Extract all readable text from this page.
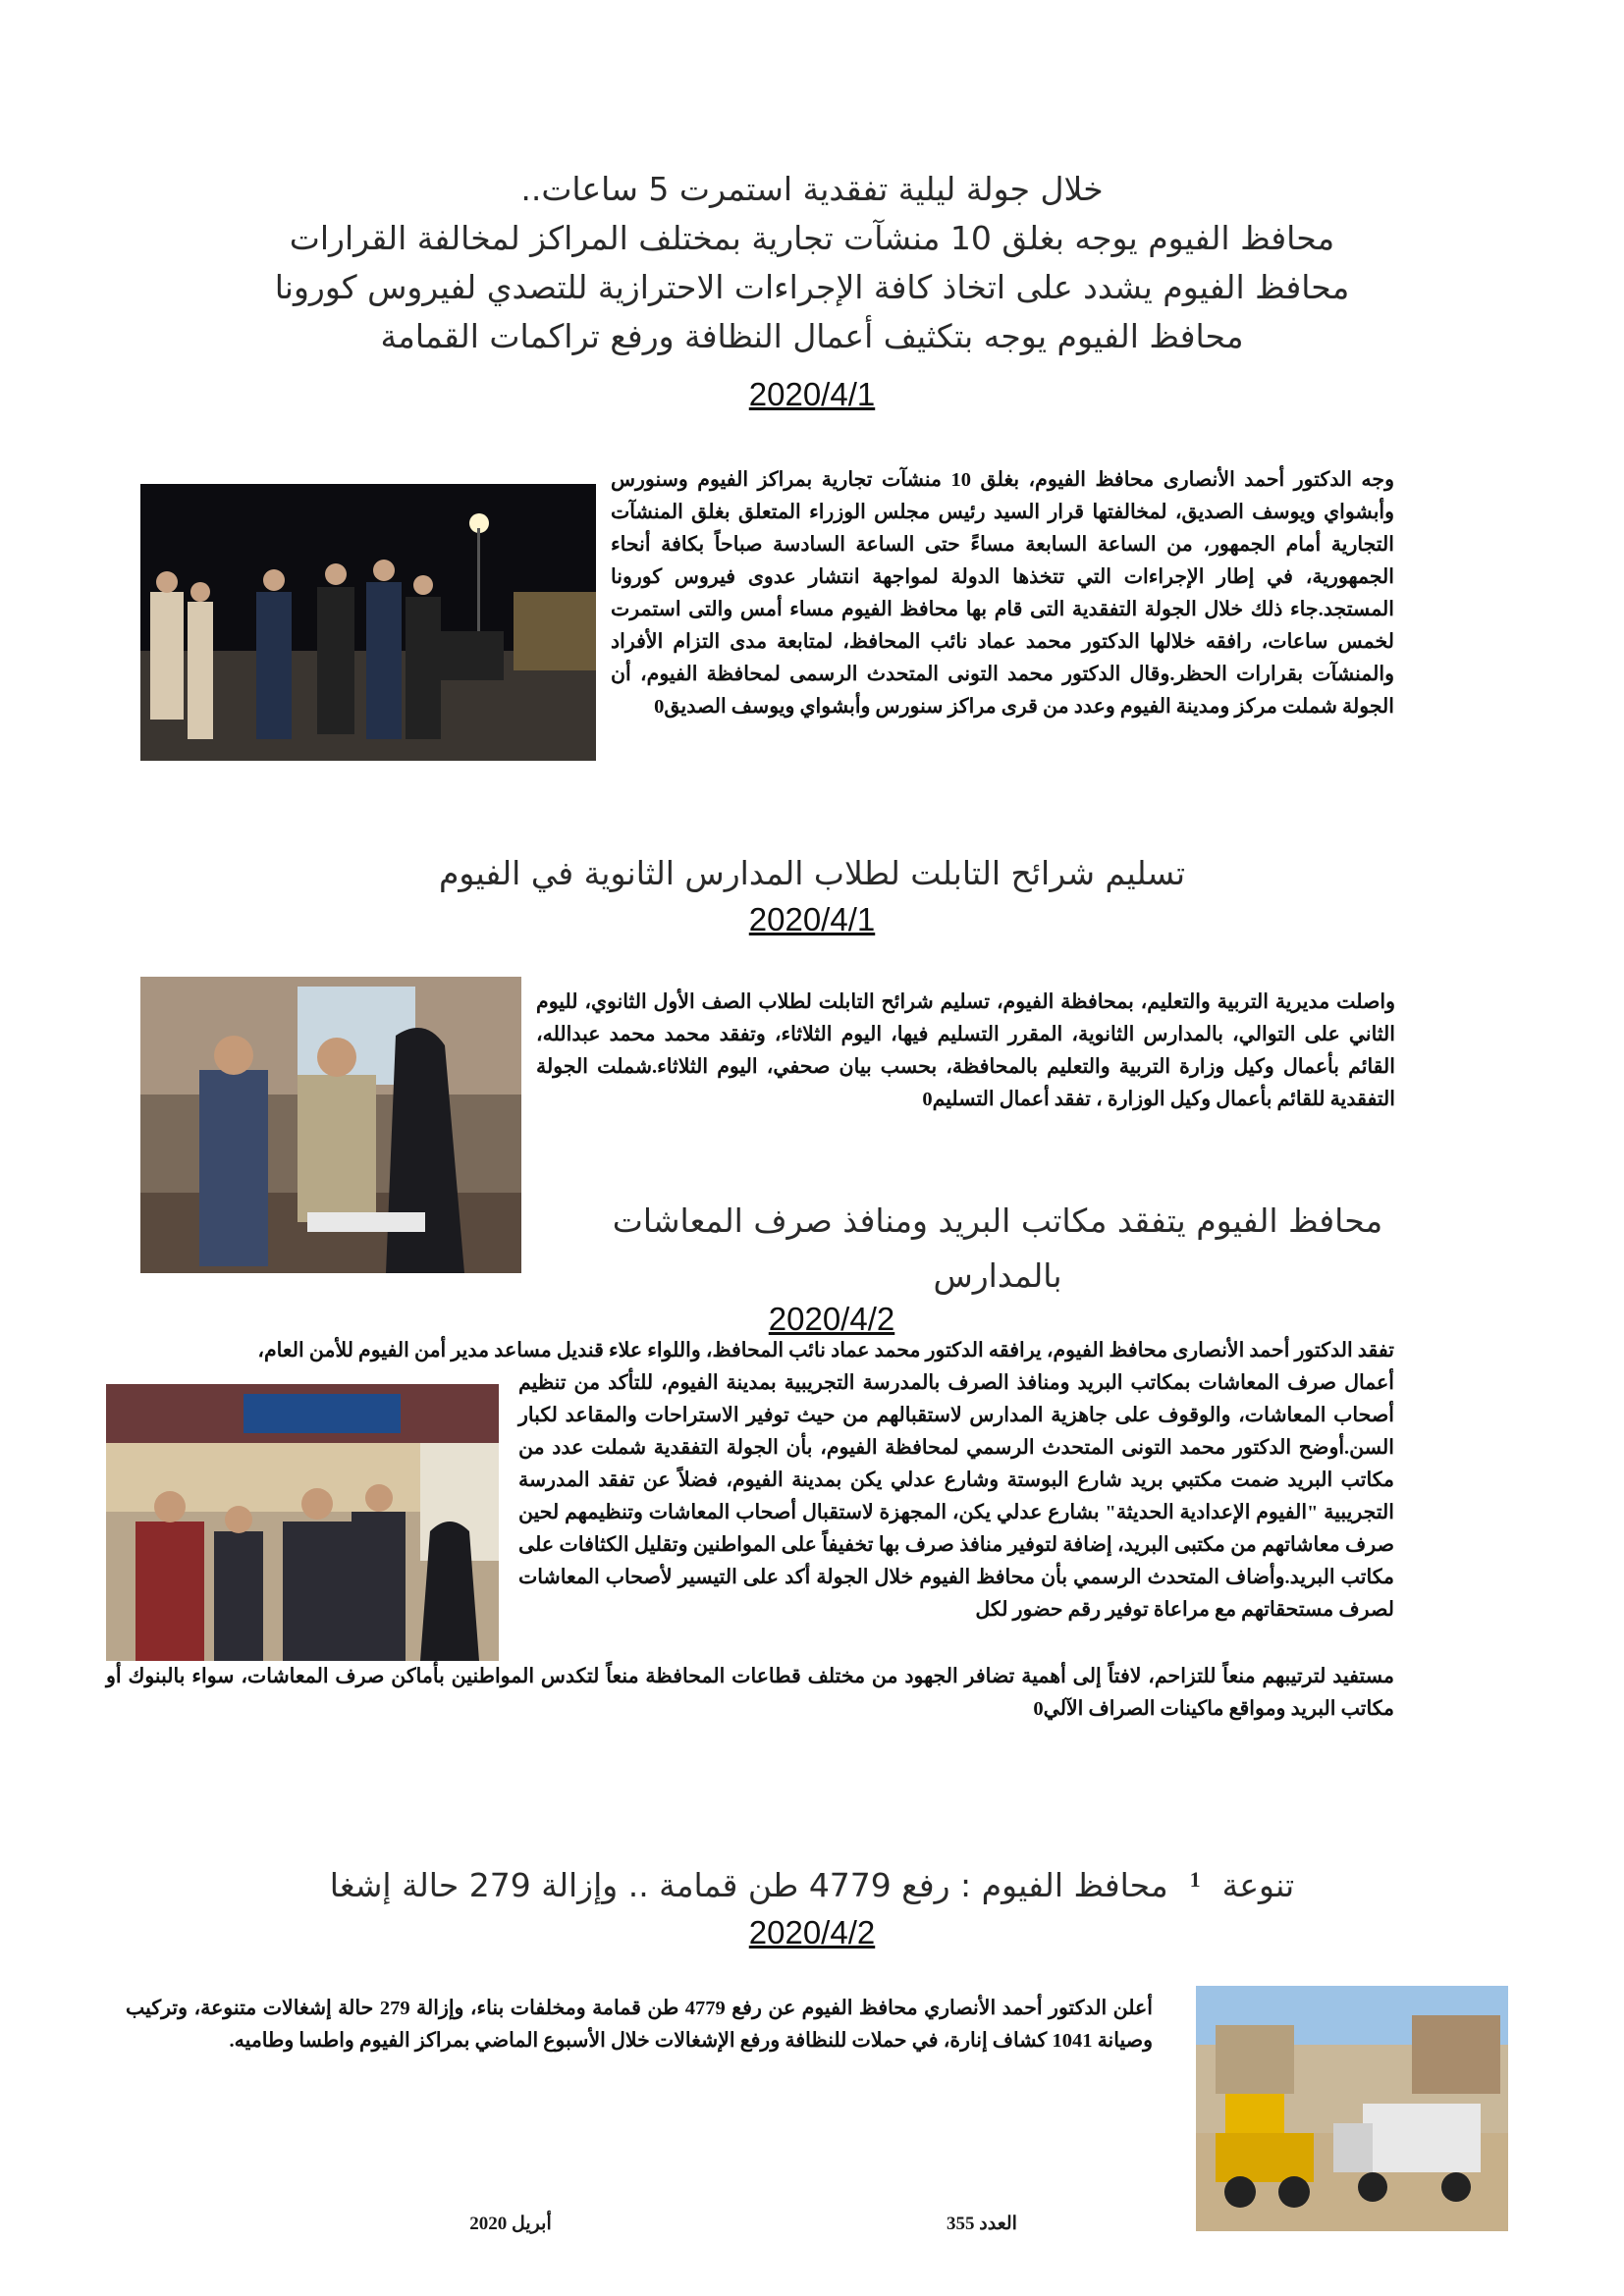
خلال جولة ليلية تفقدية استمرت 5 ساعات..
محافظ الفيوم يوجه بغلق 10 منشآت تجارية بمختلف المراكز لمخالفة القرارات
محافظ الفيوم يشدد على اتخاذ كافة الإجراءات الاحترازية للتصدي لفيروس كورونا
محافظ الفيوم يوجه بتكثيف أعمال النظافة ورفع تراكمات القمامة
2020/4/1
وجه الدكتور أحمد الأنصارى محافظ الفيوم، بغلق 10 منشآت تجارية بمراكز الفيوم وسنورس وأبشواي ويوسف الصديق، لمخالفتها قرار السيد رئيس مجلس الوزراء المتعلق بغلق المنشآت التجارية أمام الجمهور، من الساعة السابعة مساءً حتى الساعة السادسة صباحاً بكافة أنحاء الجمهورية، في إطار الإجراءات التي تتخذها الدولة لمواجهة انتشار عدوى فيروس كورونا المستجد.جاء ذلك خلال الجولة التفقدية التى قام بها محافظ الفيوم مساء أمس والتى استمرت لخمس ساعات، رافقه خلالها الدكتور محمد عماد نائب المحافظ، لمتابعة مدى التزام الأفراد والمنشآت بقرارات الحظر.وقال الدكتور محمد التونى المتحدث الرسمى لمحافظة الفيوم، أن الجولة شملت مركز ومدينة الفيوم وعدد من قرى مراكز سنورس وأبشواي ويوسف الصديق0
تسليم شرائح التابلت لطلاب المدارس الثانوية في الفيوم
2020/4/1
واصلت مديرية التربية والتعليم، بمحافظة الفيوم، تسليم شرائح التابلت لطلاب الصف الأول الثانوي، لليوم الثاني على التوالي، بالمدارس الثانوية، المقرر التسليم فيها، اليوم الثلاثاء، وتفقد محمد محمد عبدالله، القائم بأعمال وكيل وزارة التربية والتعليم بالمحافظة، بحسب بيان صحفي، اليوم الثلاثاء.شملت الجولة التفقدية للقائم بأعمال وكيل الوزارة ، تفقد أعمال التسليم0
محافظ الفيوم يتفقد مكاتب البريد ومنافذ صرف المعاشات
بالمدارس
2020/4/2
تفقد الدكتور أحمد الأنصارى محافظ الفيوم، يرافقه الدكتور محمد عماد نائب المحافظ، واللواء علاء قنديل مساعد مدير أمن الفيوم للأمن العام،
أعمال صرف المعاشات بمكاتب البريد ومنافذ الصرف بالمدرسة التجريبية بمدينة الفيوم، للتأكد من تنظيم أصحاب المعاشات، والوقوف على جاهزية المدارس لاستقبالهم من حيث توفير الاستراحات والمقاعد لكبار السن.أوضح الدكتور محمد التونى المتحدث الرسمي لمحافظة الفيوم، بأن الجولة التفقدية شملت عدد من مكاتب البريد ضمت مكتبي بريد شارع البوستة وشارع عدلي يكن بمدينة الفيوم، فضلاً عن تفقد المدرسة التجريبية "الفيوم الإعدادية الحديثة" بشارع عدلي يكن، المجهزة لاستقبال أصحاب المعاشات وتنظيمهم لحين صرف معاشاتهم من مكتبى البريد، إضافة لتوفير منافذ صرف بها تخفيفاً على المواطنين وتقليل الكثافات على مكاتب البريد.وأضاف المتحدث الرسمي بأن محافظ الفيوم خلال الجولة أكد على التيسير لأصحاب المعاشات لصرف مستحقاتهم مع مراعاة توفير رقم حضور لكل
مستفيد لترتيبهم منعاً للتزاحم، لافتاً إلى أهمية تضافر الجهود من مختلف قطاعات المحافظة منعاً لتكدس المواطنين بأماكن صرف المعاشات، سواء بالبنوك أو مكاتب البريد ومواقع ماكينات الصراف الآلي0
محافظ الفيوم : رفع 4779 طن قمامة .. وإزالة 279 حالة إشغا 1 تنوعة
2020/4/2
أعلن الدكتور أحمد الأنصاري محافظ الفيوم عن رفع 4779 طن قمامة ومخلفات بناء، وإزالة 279 حالة إشغالات متنوعة، وتركيب وصيانة 1041 كشاف إنارة، في حملات للنظافة ورفع الإشغالات خلال الأسبوع الماضي بمراكز الفيوم واطسا وطاميه.
أبريل 2020	العدد 355
